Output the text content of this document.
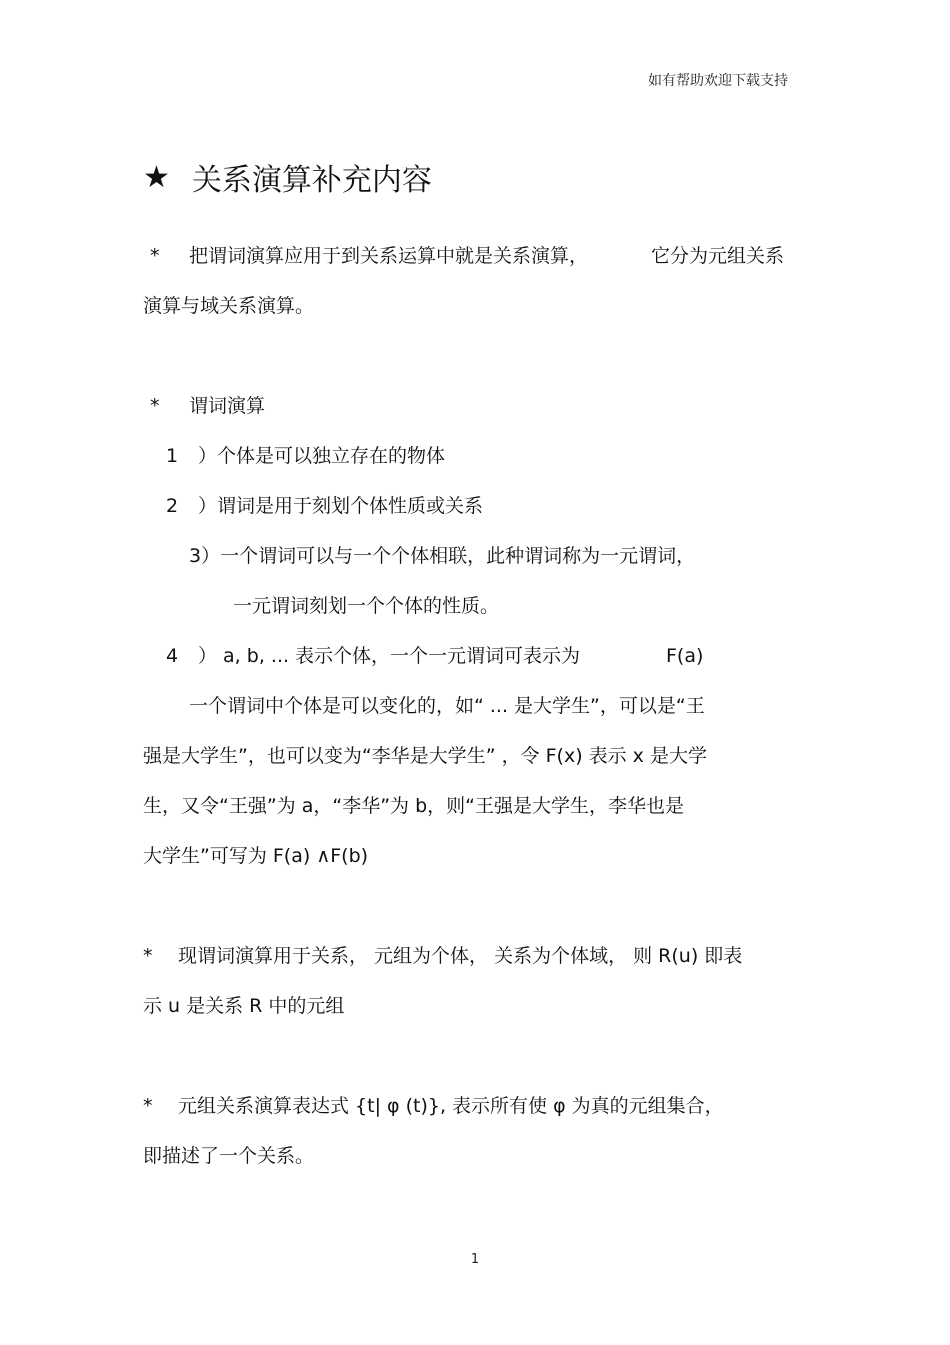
如有帮助欢迎下载支持
★ 关系演算补充内容
* 把谓词演算应用于到关系运算中就是关系演算，	它分为元组关系
演算与域关系演算。
* 谓词演算
1 ）个体是可以独立存在的物体
2 ）谓词是用于刻划个体性质或关系
3）一个谓词可以与一个个体相联，此种谓词称为一元谓词，
一元谓词刻划一个个体的性质。
4 ） a, b, ... 表示个体，一个一元谓词可表示为	F(a)
一个谓词中个体是可以变化的，如“ ... 是大学生”，可以是“王
强是大学生”，也可以变为“李华是大学生” ，令 F(x) 表示 x 是大学
生，又令“王强”为 a，“李华”为 b，则“王强是大学生，李华也是
大学生”可写为 F(a) ∧F(b)
* 现谓词演算用于关系， 元组为个体， 关系为个体域， 则 R(u) 即表
示 u 是关系 R 中的元组
* 元组关系演算表达式 {t| φ (t)}, 表示所有使 φ 为真的元组集合，
即描述了一个关系。
1
